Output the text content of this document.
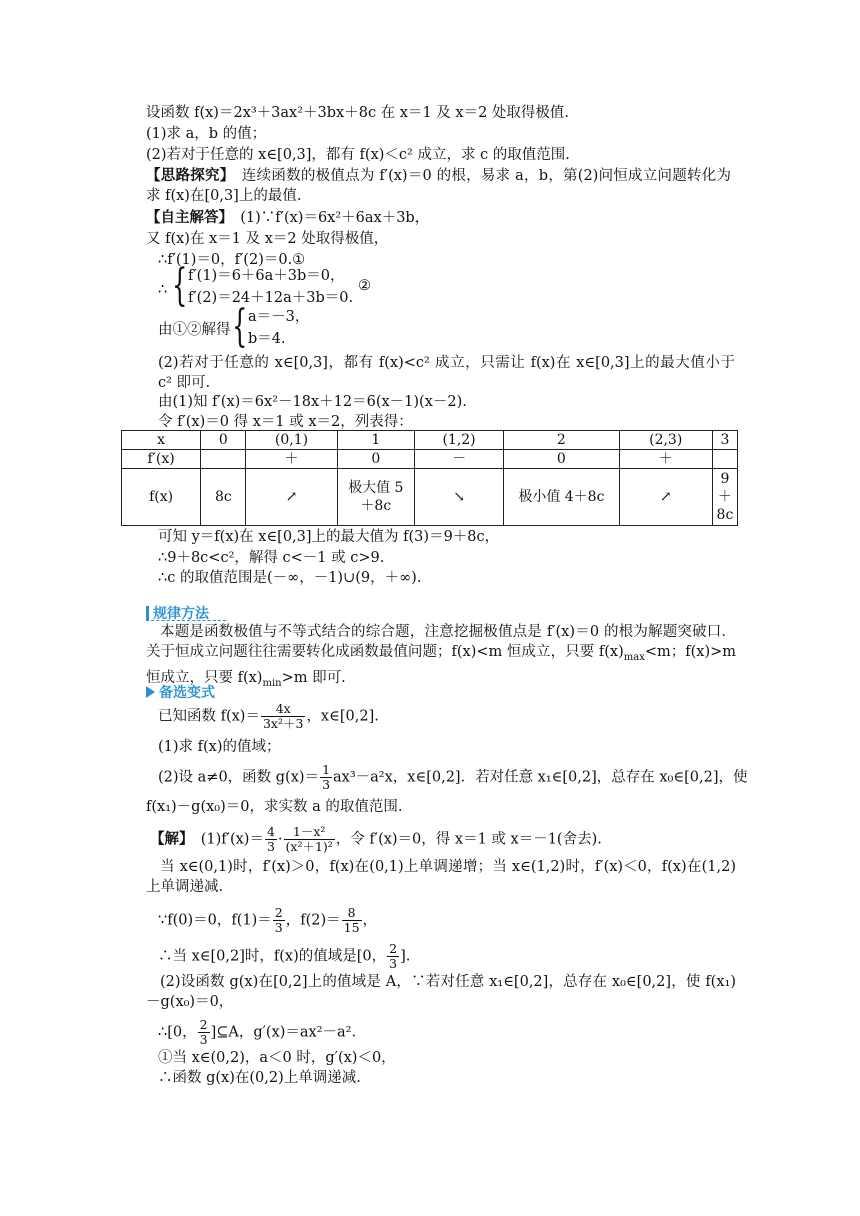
设函数 f(x)＝2x³＋3ax²＋3bx＋8c 在 x＝1 及 x＝2 处取得极值.
(1)求 a，b 的值；
(2)若对于任意的 x∈[0,3]，都有 f(x)＜c² 成立，求 c 的取值范围.
【思路探究】　连续函数的极值点为 f′(x)＝0 的根，易求 a，b，第(2)问恒成立问题转化为求 f(x)在[0,3]上的最值.
【自主解答】　(1)∵f′(x)＝6x²＋6ax＋3b，
又 f(x)在 x＝1 及 x＝2 处取得极值，
∴f′(1)＝0，f′(2)＝0.①
∴ { f′(1)＝6＋6a＋3b＝0，
f′(2)＝24＋12a＋3b＝0.
②
由①②解得 { a＝－3，
b＝4.
(2)若对于任意的 x∈[0,3]，都有 f(x)<c² 成立，只需让 f(x)在 x∈[0,3]上的最大值小于 c² 即可.
由(1)知 f′(x)＝6x²－18x＋12＝6(x－1)(x－2).
令 f′(x)＝0 得 x＝1 或 x＝2，列表得：
x	0	(0,1)	1	(1,2)	2	(2,3)	3
f′(x)		＋	0	－	0	＋	
f(x)	8c	↗	极大值 5＋8c	↘	极小值 4＋8c	↗	9＋8c
可知 y＝f(x)在 x∈[0,3]上的最大值为 f(3)＝9＋8c，
∴9＋8c<c²，解得 c<－1 或 c>9.
∴c 的取值范围是(－∞，－1)∪(9，＋∞).
规律方法
本题是函数极值与不等式结合的综合题，注意挖掘极值点是 f′(x)＝0 的根为解题突破口．关于恒成立问题往往需要转化成函数最值问题；f(x)<m 恒成立，只要 $f(x)_{max}<m$；f(x)>m 恒成立，只要 $f(x)_{min}>m$ 即可.
备选变式
已知函数 $f(x)= \frac{4x}{\text{3x²＋3}}$ ，x∈[0,2].
(1)求 f(x)的值域；
(2)设 a≠0，函数 $g(x)= \frac{1}{3} ax^3-a^2x$，x∈[0,2]．若对任意 x₁∈[0,2]，总存在 x₀∈[0,2]，使
f(x₁)－g(x₀)＝0，求实数 a 的取值范围.
【解】　$(1)f'(x)= \frac{4}{3} \cdot \frac{\text{1－x²}}{\text{(x²＋1)²}}$ ，令 f′(x)＝0，得 x＝1 或 x＝－1(舍去).
当 x∈(0,1)时，f′(x)＞0，f(x)在(0,1)上单调递增；当 x∈(1,2)时，f′(x)＜0，f(x)在(1,2)上单调递减.
∵f(0)＝0，$f(1)= \frac{2}{3}$ ，$f(2)= \frac{8}{15}$ ，
∴当 x∈[0,2]时，f(x)的值域是[0， $\frac{2}{3}$ ].
(2)设函数 g(x)在[0,2]上的值域是 A，∵若对任意 x₁∈[0,2]，总存在 x₀∈[0,2]，使 f(x₁)－g(x₀)＝0，
∴[0， $\frac{2}{3}$ ]⊆A，g′(x)＝ax²－a².
①当 x∈(0,2)，a＜0 时，g′(x)＜0，
∴函数 g(x)在(0,2)上单调递减.
